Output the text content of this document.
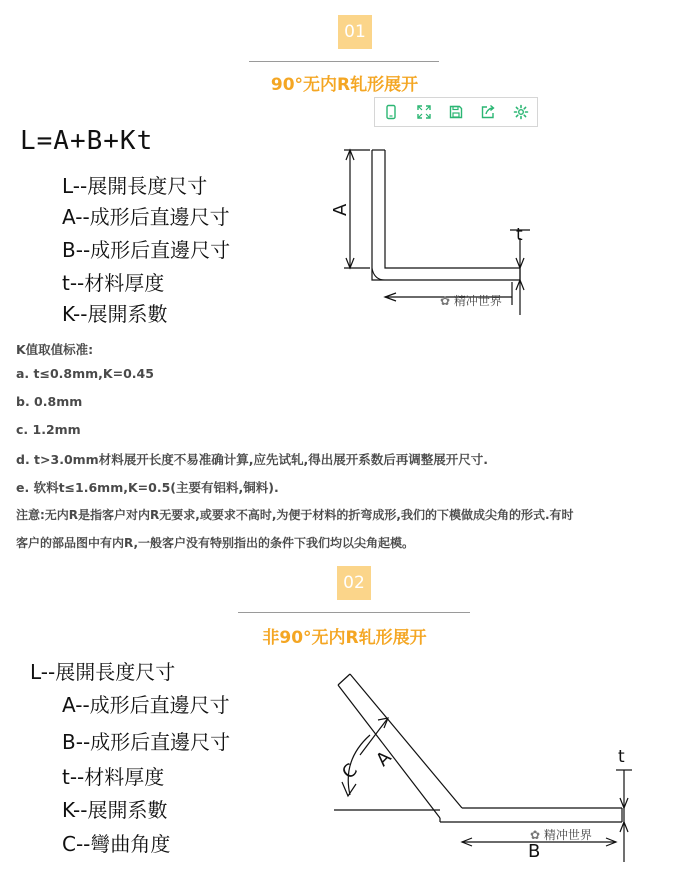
01
90°无内R轧形展开
L=A+B+Kt
L--展開長度尺寸
A--成形后直邊尺寸
B--成形后直邊尺寸
t--材料厚度
K--展開系數
A
t
✿ 精冲世界
K值取值标准:
a. t≤0.8mm,K=0.45
b. 0.8mm
c. 1.2mm
d. t>3.0mm材料展开长度不易准确计算,应先试轧,得出展开系数后再调整展开尺寸.
e. 软料t≤1.6mm,K=0.5(主要有铝料,铜料).
注意:无内R是指客户对内R无要求,或要求不高时,为便于材料的折弯成形,我们的下模做成尖角的形式.有时
客户的部品图中有内R,一般客户没有特别指出的条件下我们均以尖角起模。
02
非90°无内R轧形展开
L--展開長度尺寸
A--成形后直邊尺寸
B--成形后直邊尺寸
t--材料厚度
K--展開系數
C--彎曲角度
A
C
B
t
✿ 精冲世界
